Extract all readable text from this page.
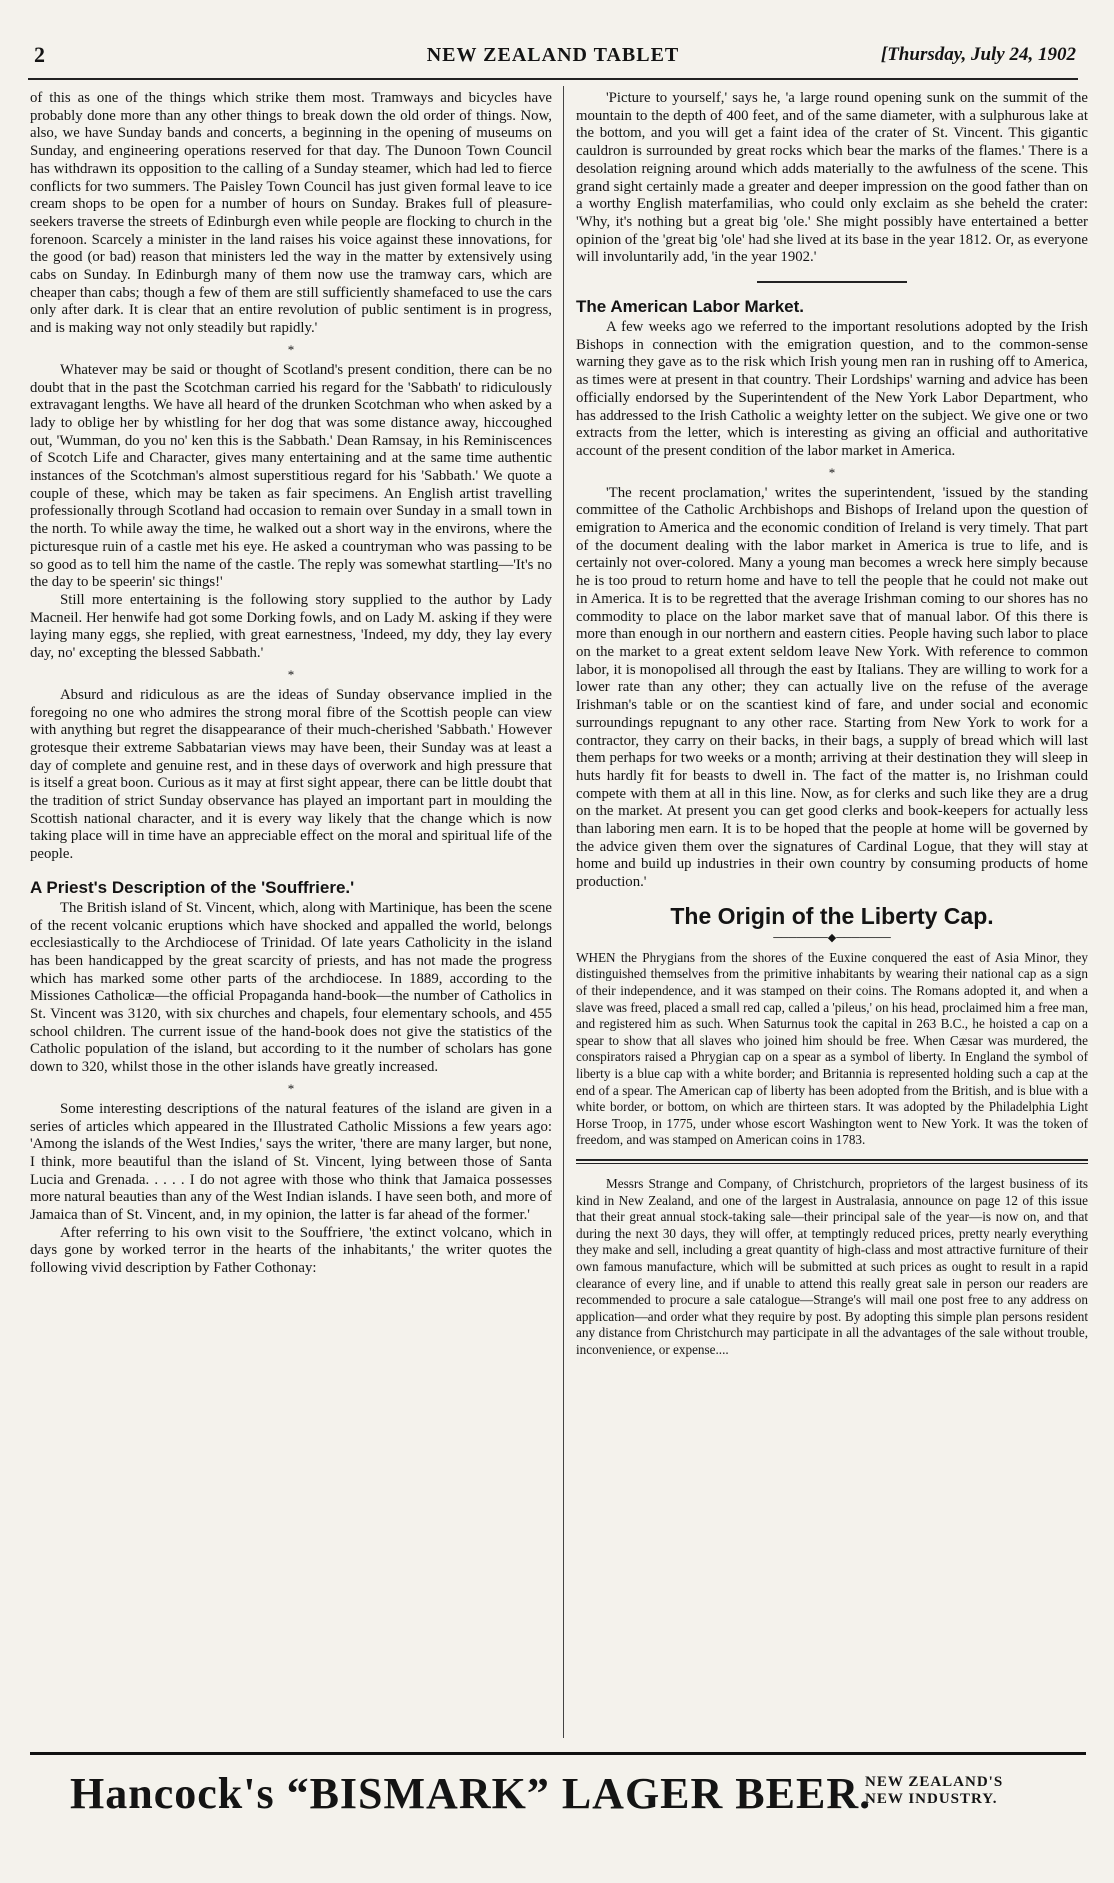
2	NEW ZEALAND TABLET	[Thursday, July 24, 1902

of this as one of the things which strike them most. Tramways and bicycles have probably done more than any other things to break down the old order of things. Now, also, we have Sunday bands and concerts, a beginning in the opening of museums on Sunday, and engineering operations reserved for that day. The Dunoon Town Council has withdrawn its opposition to the calling of a Sunday steamer, which had led to fierce conflicts for two summers. The Paisley Town Council has just given formal leave to ice cream shops to be open for a number of hours on Sunday. Brakes full of pleasure-seekers traverse the streets of Edinburgh even while people are flocking to church in the forenoon. Scarcely a minister in the land raises his voice against these innovations, for the good (or bad) reason that ministers led the way in the matter by extensively using cabs on Sunday. In Edinburgh many of them now use the tramway cars, which are cheaper than cabs; though a few of them are still sufficiently shamefaced to use the cars only after dark. It is clear that an entire revolution of public sentiment is in progress, and is making way not only steadily but rapidly.'

*

Whatever may be said or thought of Scotland's present condition, there can be no doubt that in the past the Scotchman carried his regard for the 'Sabbath' to ridiculously extravagant lengths. We have all heard of the drunken Scotchman who when asked by a lady to oblige her by whistling for her dog that was some distance away, hiccoughed out, 'Wumman, do you no' ken this is the Sabbath.' Dean Ramsay, in his Reminiscences of Scotch Life and Character, gives many entertaining and at the same time authentic instances of the Scotchman's almost superstitious regard for his 'Sabbath.' We quote a couple of these, which may be taken as fair specimens. An English artist travelling professionally through Scotland had occasion to remain over Sunday in a small town in the north. To while away the time, he walked out a short way in the environs, where the picturesque ruin of a castle met his eye. He asked a countryman who was passing to be so good as to tell him the name of the castle. The reply was somewhat startling—'It's no the day to be speerin' sic things!'

Still more entertaining is the following story supplied to the author by Lady Macneil. Her henwife had got some Dorking fowls, and on Lady M. asking if they were laying many eggs, she replied, with great earnestness, 'Indeed, my ddy, they lay every day, no' excepting the blessed Sabbath.'

*

Absurd and ridiculous as are the ideas of Sunday observance implied in the foregoing no one who admires the strong moral fibre of the Scottish people can view with anything but regret the disappearance of their much-cherished 'Sabbath.' However grotesque their extreme Sabbatarian views may have been, their Sunday was at least a day of complete and genuine rest, and in these days of overwork and high pressure that is itself a great boon. Curious as it may at first sight appear, there can be little doubt that the tradition of strict Sunday observance has played an important part in moulding the Scottish national character, and it is every way likely that the change which is now taking place will in time have an appreciable effect on the moral and spiritual life of the people.

A Priest's Description of the 'Souffriere.'

The British island of St. Vincent, which, along with Martinique, has been the scene of the recent volcanic eruptions which have shocked and appalled the world, belongs ecclesiastically to the Archdiocese of Trinidad. Of late years Catholicity in the island has been handicapped by the great scarcity of priests, and has not made the progress which has marked some other parts of the archdiocese. In 1889, according to the Missiones Catholicæ—the official Propaganda hand-book—the number of Catholics in St. Vincent was 3120, with six churches and chapels, four elementary schools, and 455 school children. The current issue of the hand-book does not give the statistics of the Catholic population of the island, but according to it the number of scholars has gone down to 320, whilst those in the other islands have greatly increased.

*

Some interesting descriptions of the natural features of the island are given in a series of articles which appeared in the Illustrated Catholic Missions a few years ago: 'Among the islands of the West Indies,' says the writer, 'there are many larger, but none, I think, more beautiful than the island of St. Vincent, lying between those of Santa Lucia and Grenada. . . . . I do not agree with those who think that Jamaica possesses more natural beauties than any of the West Indian islands. I have seen both, and more of Jamaica than of St. Vincent, and, in my opinion, the latter is far ahead of the former.'

After referring to his own visit to the Souffriere, 'the extinct volcano, which in days gone by worked terror in the hearts of the inhabitants,' the writer quotes the following vivid description by Father Cothonay:

'Picture to yourself,' says he, 'a large round opening sunk on the summit of the mountain to the depth of 400 feet, and of the same diameter, with a sulphurous lake at the bottom, and you will get a faint idea of the crater of St. Vincent. This gigantic cauldron is surrounded by great rocks which bear the marks of the flames.' There is a desolation reigning around which adds materially to the awfulness of the scene. This grand sight certainly made a greater and deeper impression on the good father than on a worthy English materfamilias, who could only exclaim as she beheld the crater: 'Why, it's nothing but a great big 'ole.' She might possibly have entertained a better opinion of the 'great big 'ole' had she lived at its base in the year 1812. Or, as everyone will involuntarily add, 'in the year 1902.'

The American Labor Market.

A few weeks ago we referred to the important resolutions adopted by the Irish Bishops in connection with the emigration question, and to the common-sense warning they gave as to the risk which Irish young men ran in rushing off to America, as times were at present in that country. Their Lordships' warning and advice has been officially endorsed by the Superintendent of the New York Labor Department, who has addressed to the Irish Catholic a weighty letter on the subject. We give one or two extracts from the letter, which is interesting as giving an official and authoritative account of the present condition of the labor market in America.

*

'The recent proclamation,' writes the superintendent, 'issued by the standing committee of the Catholic Archbishops and Bishops of Ireland upon the question of emigration to America and the economic condition of Ireland is very timely. That part of the document dealing with the labor market in America is true to life, and is certainly not over-colored. Many a young man becomes a wreck here simply because he is too proud to return home and have to tell the people that he could not make out in America. It is to be regretted that the average Irishman coming to our shores has no commodity to place on the labor market save that of manual labor. Of this there is more than enough in our northern and eastern cities. People having such labor to place on the market to a great extent seldom leave New York. With reference to common labor, it is monopolised all through the east by Italians. They are willing to work for a lower rate than any other; they can actually live on the refuse of the average Irishman's table or on the scantiest kind of fare, and under social and economic surroundings repugnant to any other race. Starting from New York to work for a contractor, they carry on their backs, in their bags, a supply of bread which will last them perhaps for two weeks or a month; arriving at their destination they will sleep in huts hardly fit for beasts to dwell in. The fact of the matter is, no Irishman could compete with them at all in this line. Now, as for clerks and such like they are a drug on the market. At present you can get good clerks and book-keepers for actually less than laboring men earn. It is to be hoped that the people at home will be governed by the advice given them over the signatures of Cardinal Logue, that they will stay at home and build up industries in their own country by consuming products of home production.'

The Origin of the Liberty Cap.
───────◆───────

WHEN the Phrygians from the shores of the Euxine conquered the east of Asia Minor, they distinguished themselves from the primitive inhabitants by wearing their national cap as a sign of their independence, and it was stamped on their coins. The Romans adopted it, and when a slave was freed, placed a small red cap, called a 'pileus,' on his head, proclaimed him a free man, and registered him as such. When Saturnus took the capital in 263 B.C., he hoisted a cap on a spear to show that all slaves who joined him should be free. When Cæsar was murdered, the conspirators raised a Phrygian cap on a spear as a symbol of liberty. In England the symbol of liberty is a blue cap with a white border; and Britannia is represented holding such a cap at the end of a spear. The American cap of liberty has been adopted from the British, and is blue with a white border, or bottom, on which are thirteen stars. It was adopted by the Philadelphia Light Horse Troop, in 1775, under whose escort Washington went to New York. It was the token of freedom, and was stamped on American coins in 1783.

Messrs Strange and Company, of Christchurch, proprietors of the largest business of its kind in New Zealand, and one of the largest in Australasia, announce on page 12 of this issue that their great annual stock-taking sale—their principal sale of the year—is now on, and that during the next 30 days, they will offer, at temptingly reduced prices, pretty nearly everything they make and sell, including a great quantity of high-class and most attractive furniture of their own famous manufacture, which will be submitted at such prices as ought to result in a rapid clearance of every line, and if unable to attend this really great sale in person our readers are recommended to procure a sale catalogue—Strange's will mail one post free to any address on application—and order what they require by post. By adopting this simple plan persons resident any distance from Christchurch may participate in all the advantages of the sale without trouble, inconvenience, or expense....

Hancock's “BISMARK” LAGER BEER.
NEW ZEALAND'S
NEW INDUSTRY.
